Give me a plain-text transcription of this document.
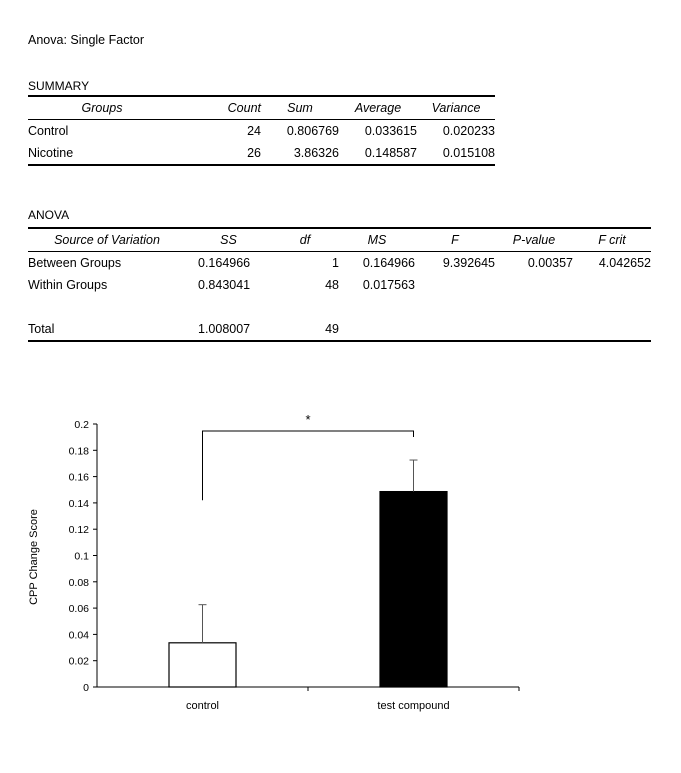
Anova: Single Factor
SUMMARY
Groups	Count	Sum	Average	Variance
Control	24	0.806769	0.033615	0.020233
Nicotine	26	3.86326	0.148587	0.015108
ANOVA
Source of Variation	SS	df	MS	F	P-value	F crit
Between Groups	0.164966	1	0.164966	9.392645	0.00357	4.042652
Within Groups	0.843041	48	0.017563			

Total	1.008007	49				
CPP Change Score
0
0.02
0.04
0.06
0.08
0.1
0.12
0.14
0.16
0.18
0.2
control	test compound
*
